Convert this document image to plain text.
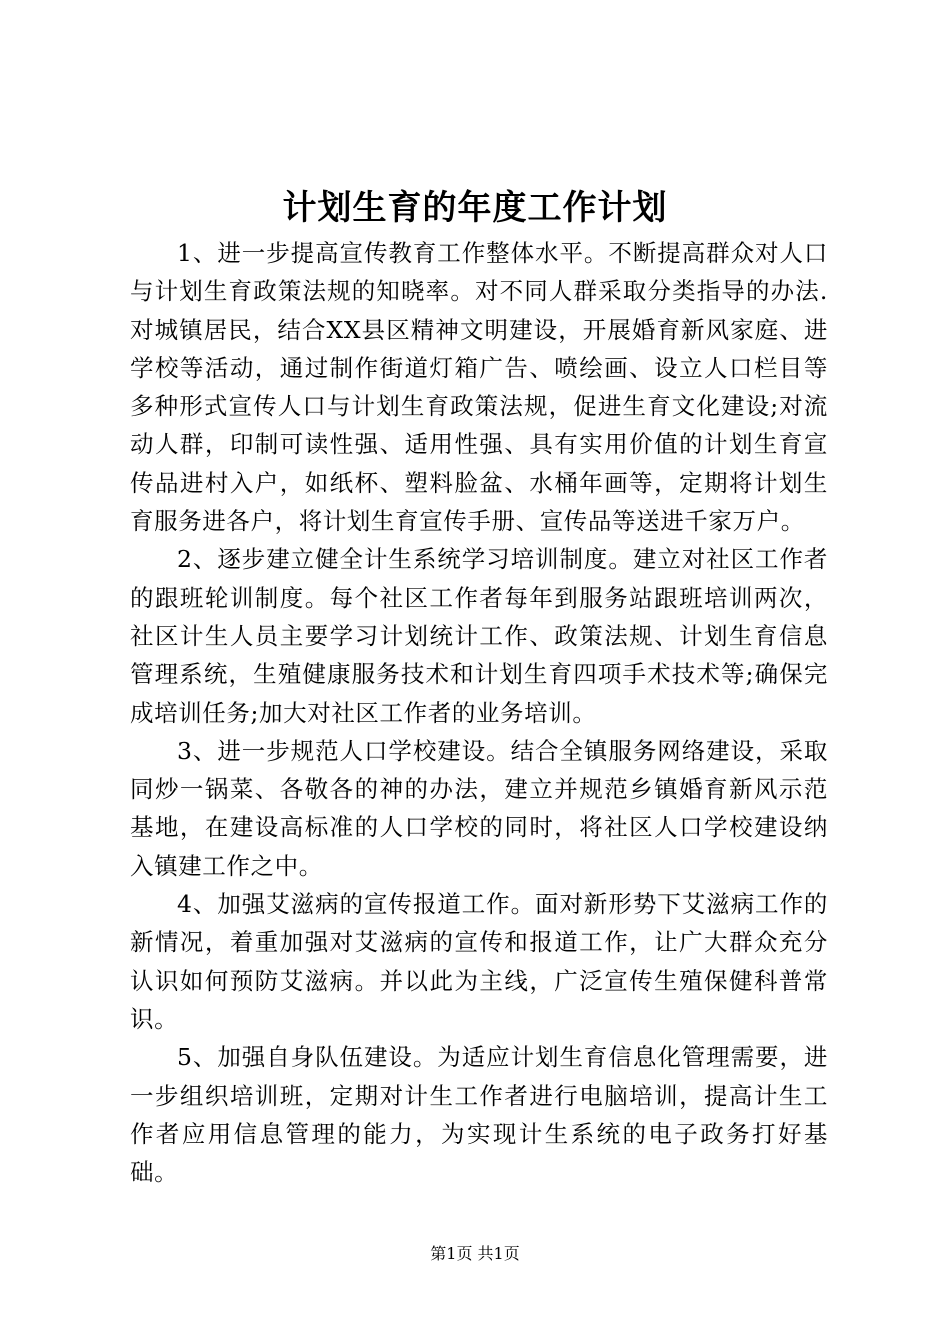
计划生育的年度工作计划

1、进一步提高宣传教育工作整体水平。不断提高群众对人口与计划生育政策法规的知晓率。对不同人群采取分类指导的办法.对城镇居民，结合XX县区精神文明建设，开展婚育新风家庭、进学校等活动，通过制作街道灯箱广告、喷绘画、设立人口栏目等多种形式宣传人口与计划生育政策法规，促进生育文化建设;对流动人群，印制可读性强、适用性强、具有实用价值的计划生育宣传品进村入户，如纸杯、塑料脸盆、水桶年画等，定期将计划生育服务进各户，将计划生育宣传手册、宣传品等送进千家万户。

2、逐步建立健全计生系统学习培训制度。建立对社区工作者的跟班轮训制度。每个社区工作者每年到服务站跟班培训两次，社区计生人员主要学习计划统计工作、政策法规、计划生育信息管理系统，生殖健康服务技术和计划生育四项手术技术等;确保完成培训任务;加大对社区工作者的业务培训。

3、进一步规范人口学校建设。结合全镇服务网络建设，采取同炒一锅菜、各敬各的神的办法，建立并规范乡镇婚育新风示范基地，在建设高标准的人口学校的同时，将社区人口学校建设纳入镇建工作之中。

4、加强艾滋病的宣传报道工作。面对新形势下艾滋病工作的新情况，着重加强对艾滋病的宣传和报道工作，让广大群众充分认识如何预防艾滋病。并以此为主线，广泛宣传生殖保健科普常识。

5、加强自身队伍建设。为适应计划生育信息化管理需要，进一步组织培训班，定期对计生工作者进行电脑培训，提高计生工作者应用信息管理的能力，为实现计生系统的电子政务打好基础。

第1页 共1页
